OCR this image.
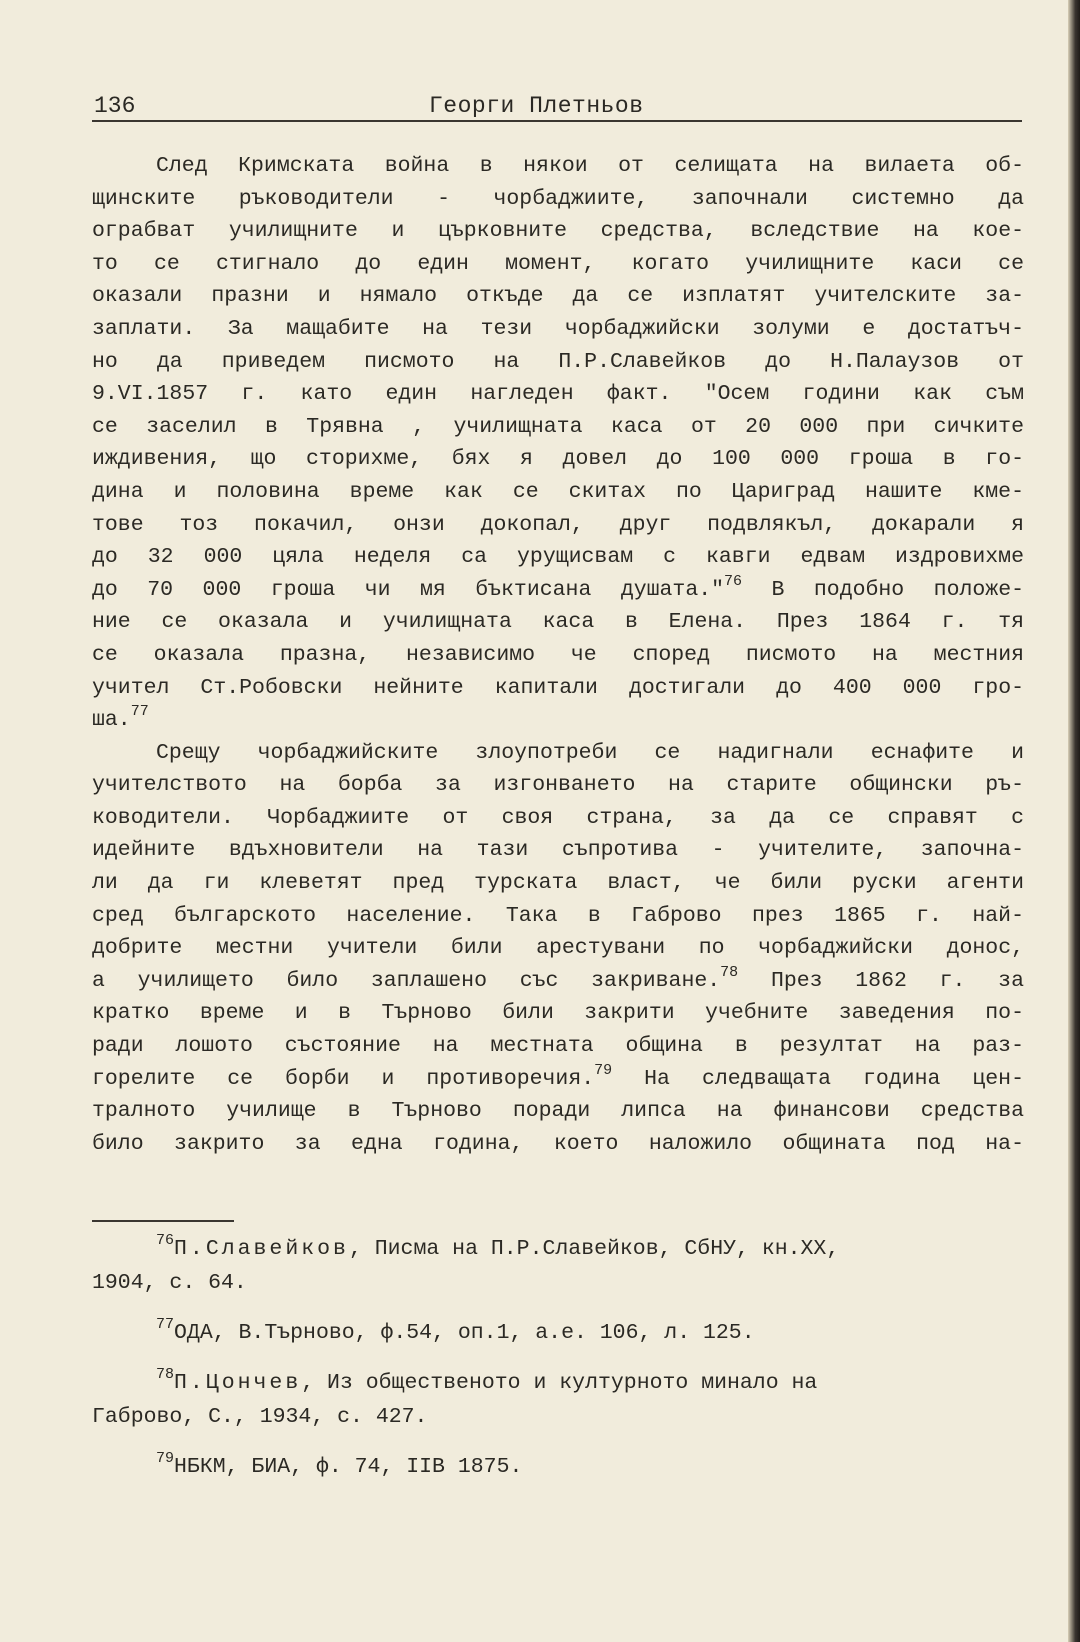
136	Георги Плетньов
След Кримската война в някои от селищата на вилаета об-
щинските ръководители - чорбаджиите, започнали системно да
ограбват училищните и църковните средства, вследствие на кое-
то се стигнало до един момент, когато училищните каси се
оказали празни и нямало откъде да се изплатят учителските за-
заплати. За мащабите на тези чорбаджийски золуми е достатъч-
но да приведем писмото на П.Р.Славейков до Н.Палаузов от
9.VI.1857 г. като един нагледен факт. "Осем години как съм
се заселил в Трявна , училищната каса от 20 000 при сичките
иждивения, що сторихме, бях я довел до 100 000 гроша в го-
дина и половина време как се скитах по Цариград нашите кме-
тове тоз покачил, онзи докопал, друг подвлякъл, докарали я
до 32 000 цяла неделя са урущисвам с кавги едвам издровихме
до 70 000 гроша чи мя бъктисана душата."$^{76}$ В подобно положе-
ние се оказала и училищната каса в Елена. През 1864 г. тя
се оказала празна, независимо че според писмото на местния
учител Ст.Робовски нейните капитали достигали до 400 000 гро-
ша.$^{77}$
Срещу чорбаджийските злоупотреби се надигнали еснафите и
учителството на борба за изгонването на старите общински ръ-
ководители. Чорбаджиите от своя страна, за да се справят с
идейните вдъхновители на тази съпротива - учителите, започна-
ли да ги клеветят пред турската власт, че били руски агенти
сред българското население. Така в Габрово през 1865 г. най-
добрите местни учители били арестувани по чорбаджийски донос,
а училището било заплашено със закриване.$^{78}$ През 1862 г. за
кратко време и в Търново били закрити учебните заведения по-
ради лошото състояние на местната община в резултат на раз-
горелите се борби и противоречия.$^{79}$ На следващата година цен-
тралното училище в Търново поради липса на финансови средства
било закрито за една година, което наложило общината под на-
$^{76}$П.Славейков, Писма на П.Р.Славейков, СбНУ, кн.XX,
1904, с. 64.
$^{77}$ОДА, В.Търново, ф.54, оп.1, а.е. 106, л. 125.
$^{78}$П.Цончев, Из общественото и културното минало на
Габрово, С., 1934, с. 427.
$^{79}$НБКМ, БИА, ф. 74, IIВ 1875.
